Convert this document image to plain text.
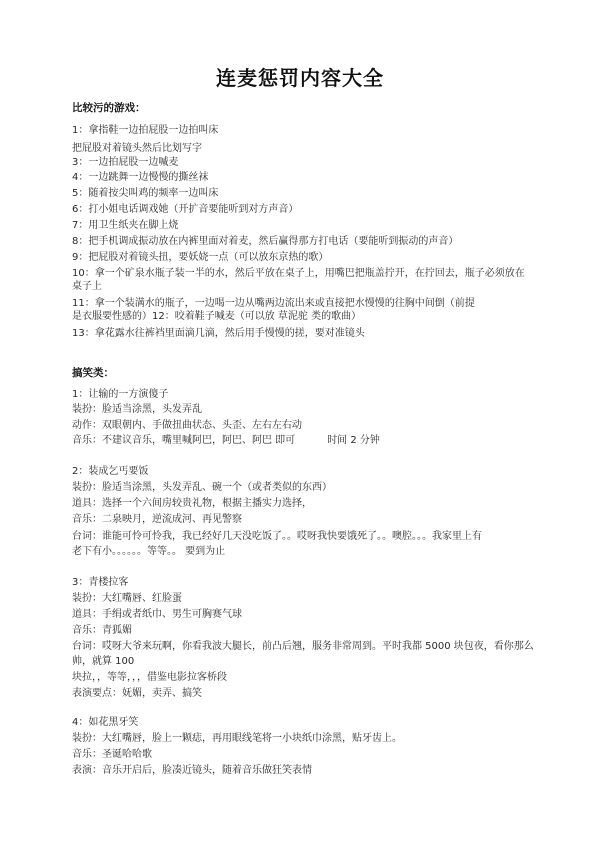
连麦惩罚内容大全
比较污的游戏：
1：拿指鞋一边拍屁股一边拍叫床
把屁股对着镜头然后比划写字
3：一边拍屁股一边喊麦
4：一边跳舞一边慢慢的撕丝袜
5：随着按尖叫鸡的频率一边叫床
6：打小姐电话调戏她（开扩音要能听到对方声音）
7：用卫生纸夹在脚上烧
8：把手机调成振动放在内裤里面对着麦，然后赢得那方打电话（要能听到振动的声音）
9：把屁股对着镜头扭，要妖娆一点（可以放东京热的歌）
10：拿一个矿泉水瓶子装一半的水，然后平放在桌子上，用嘴巴把瓶盖拧开，在拧回去，瓶子必须放在
桌子上
11：拿一个装满水的瓶子，一边喝一边从嘴两边流出来或直接把水慢慢的往胸中间倒（前提
是衣服要性感的）12：咬着鞋子喊麦（可以放 草泥驼 类的歌曲）
13：拿花露水往裤裆里面滴几滴，然后用手慢慢的搓，要对准镜头
搞笑类：
1：让输的一方演傻子
装扮：脸适当涂黑，头发弄乱
动作：双眼朝内、手做扭曲状态、头歪、左右左右动
音乐：不建议音乐，嘴里喊阿巴，阿巴、阿巴 即可	时间 2 分钟
2：装成乞丐要饭
装扮：脸适当涂黑，头发弄乱、碗一个（或者类似的东西）
道具：选择一个六间房较贵礼物，根据主播实力选择，
音乐：二泉映月，逆流成河、再见警察
台词：谁能可怜可怜我，我已经好几天没吃饭了。。哎呀我快要饿死了。。噢腔。。。我家里上有
老下有小。。。。。。等等。。 要到为止
3：青楼拉客
装扮：大红嘴唇、红脸蛋
道具：手绢或者纸巾、男生可胸赛气球
音乐：青狐媚
台词：哎呀大爷来玩啊，你看我波大腿长，前凸后翘，服务非常周到。平时我都 5000 块包夜，看你那么
帅，就算 100
块拉，，等等，，，借鉴电影拉客桥段
表演要点：妩媚，卖弄、搞笑
4：如花黑牙笑
装扮：大红嘴唇，脸上一颗痣，再用眼线笔将一小块纸巾涂黑，贴牙齿上。
音乐：圣诞哈哈歌
表演：音乐开启后，脸凑近镜头，随着音乐做狂笑表情
